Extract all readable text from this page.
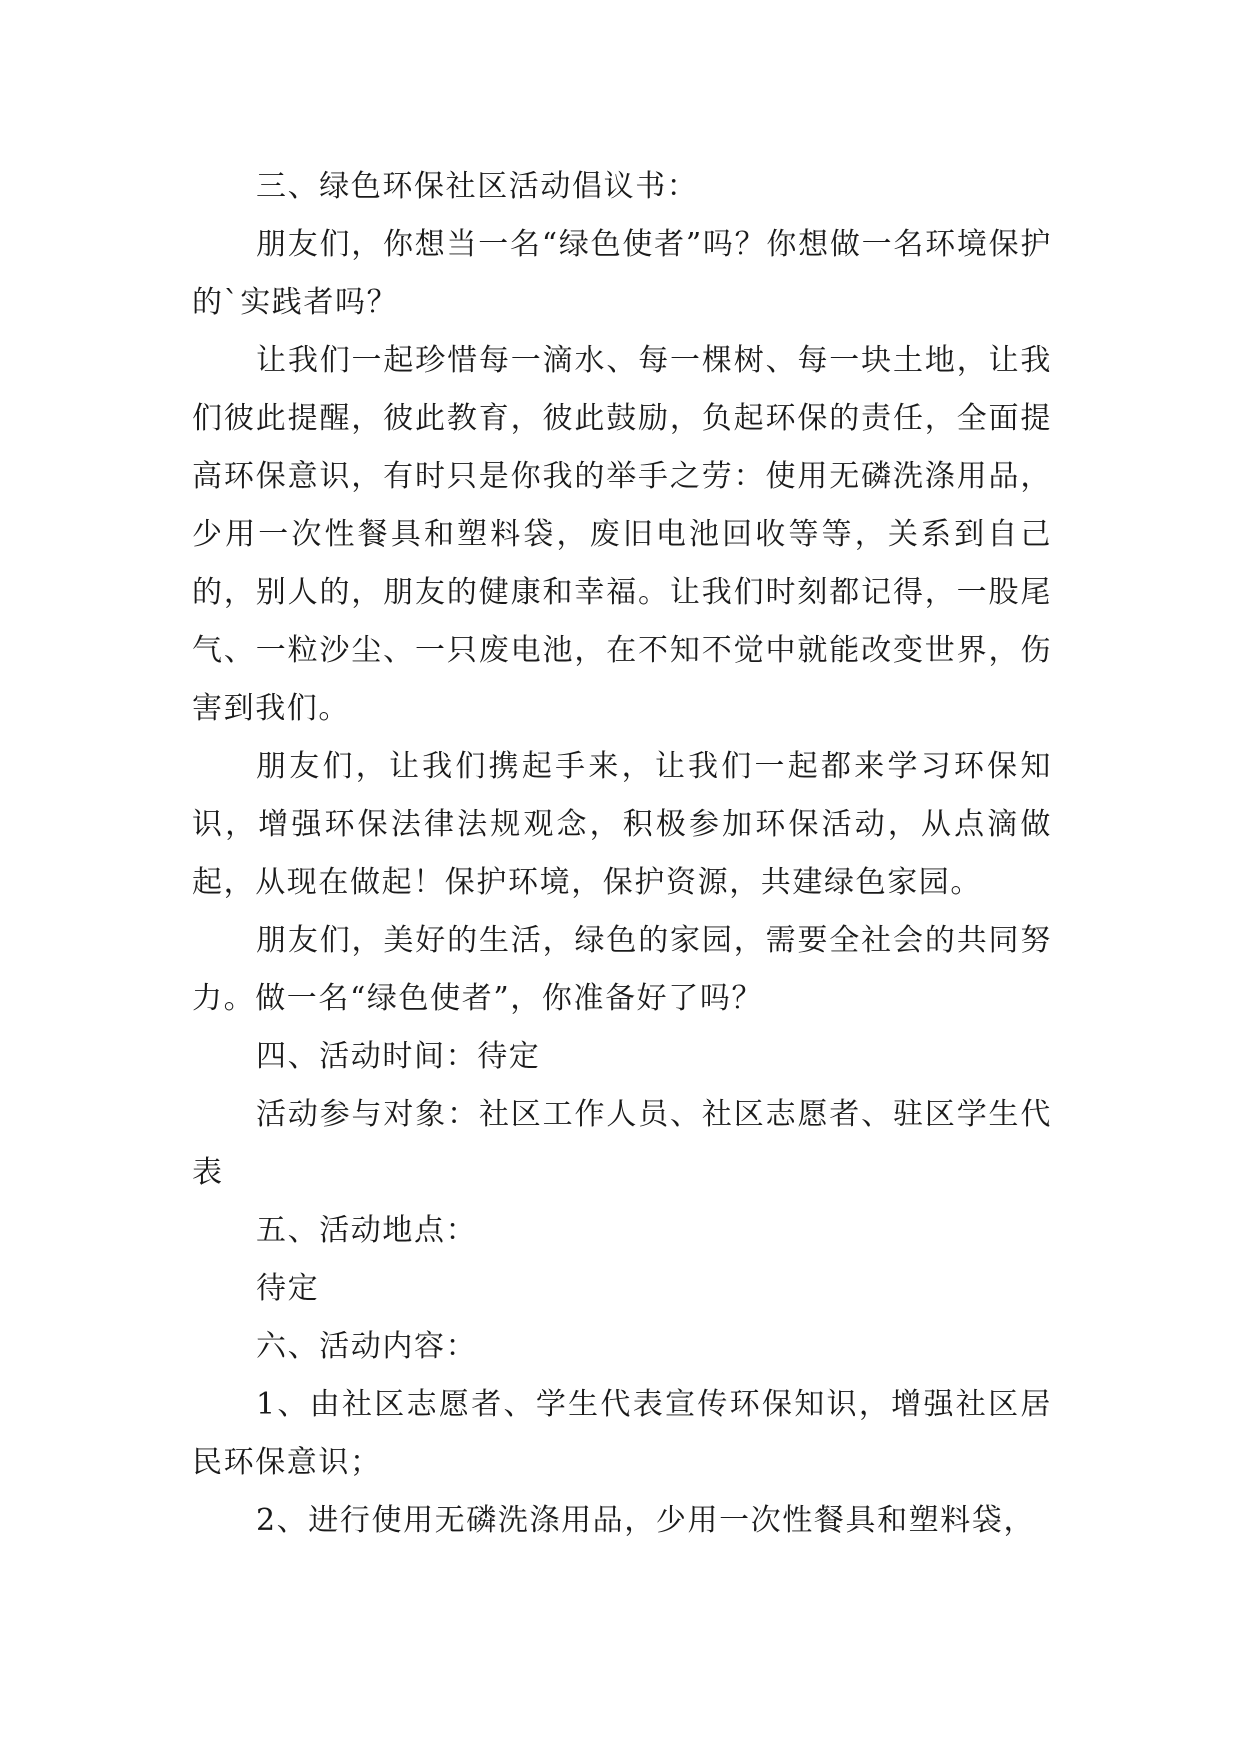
三、绿色环保社区活动倡议书：

朋友们，你想当一名“绿色使者”吗？你想做一名环境保护的`实践者吗？

让我们一起珍惜每一滴水、每一棵树、每一块土地，让我们彼此提醒，彼此教育，彼此鼓励，负起环保的责任，全面提高环保意识，有时只是你我的举手之劳：使用无磷洗涤用品，少用一次性餐具和塑料袋，废旧电池回收等等，关系到自己的，别人的，朋友的健康和幸福。让我们时刻都记得，一股尾气、一粒沙尘、一只废电池，在不知不觉中就能改变世界，伤害到我们。

朋友们，让我们携起手来，让我们一起都来学习环保知识，增强环保法律法规观念，积极参加环保活动，从点滴做起，从现在做起！保护环境，保护资源，共建绿色家园。

朋友们，美好的生活，绿色的家园，需要全社会的共同努力。做一名“绿色使者”，你准备好了吗？

四、活动时间：待定

活动参与对象：社区工作人员、社区志愿者、驻区学生代表

五、活动地点：

待定

六、活动内容：

1、由社区志愿者、学生代表宣传环保知识，增强社区居民环保意识；

2、进行使用无磷洗涤用品，少用一次性餐具和塑料袋，
